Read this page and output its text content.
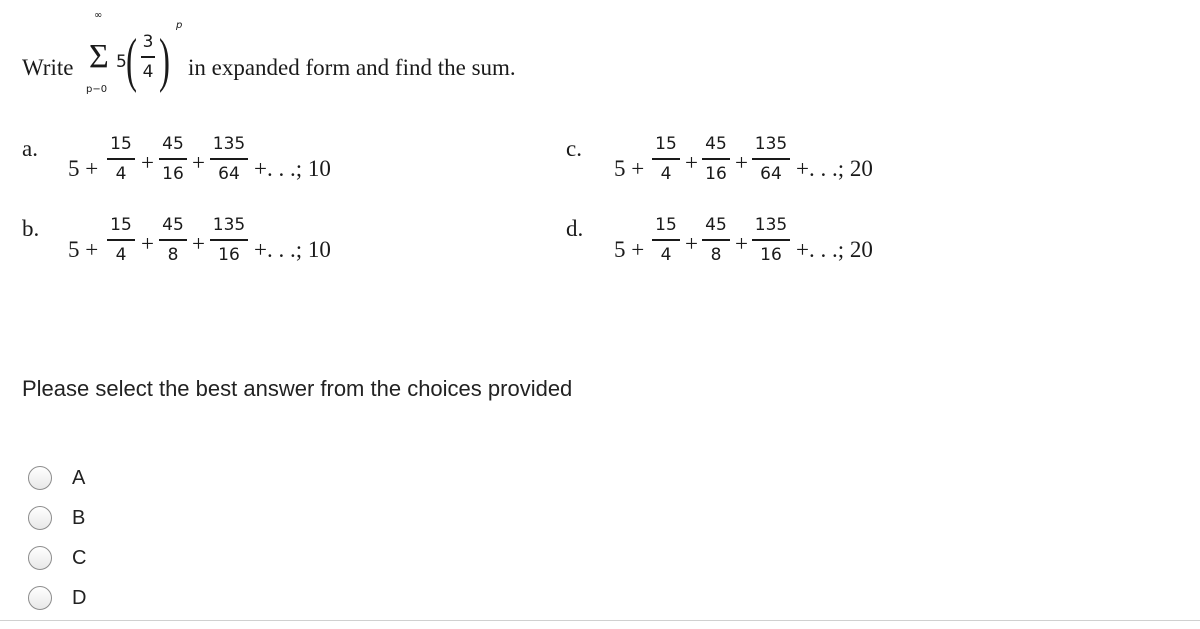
Write
∞
Σ
p−0
5 ( 3
4 )
p
in expanded form and find the sum.
a.
5 +
15
4 +
45
16 +
135
64 +. . .; 10
b.
5 +
15
4 +
45
8 +
135
16 +. . .; 10
c.
5 +
15
4 +
45
16 +
135
64 +. . .; 20
d.
5 +
15
4 +
45
8 +
135
16 +. . .; 20
Please select the best answer from the choices provided
A
B
C
D
